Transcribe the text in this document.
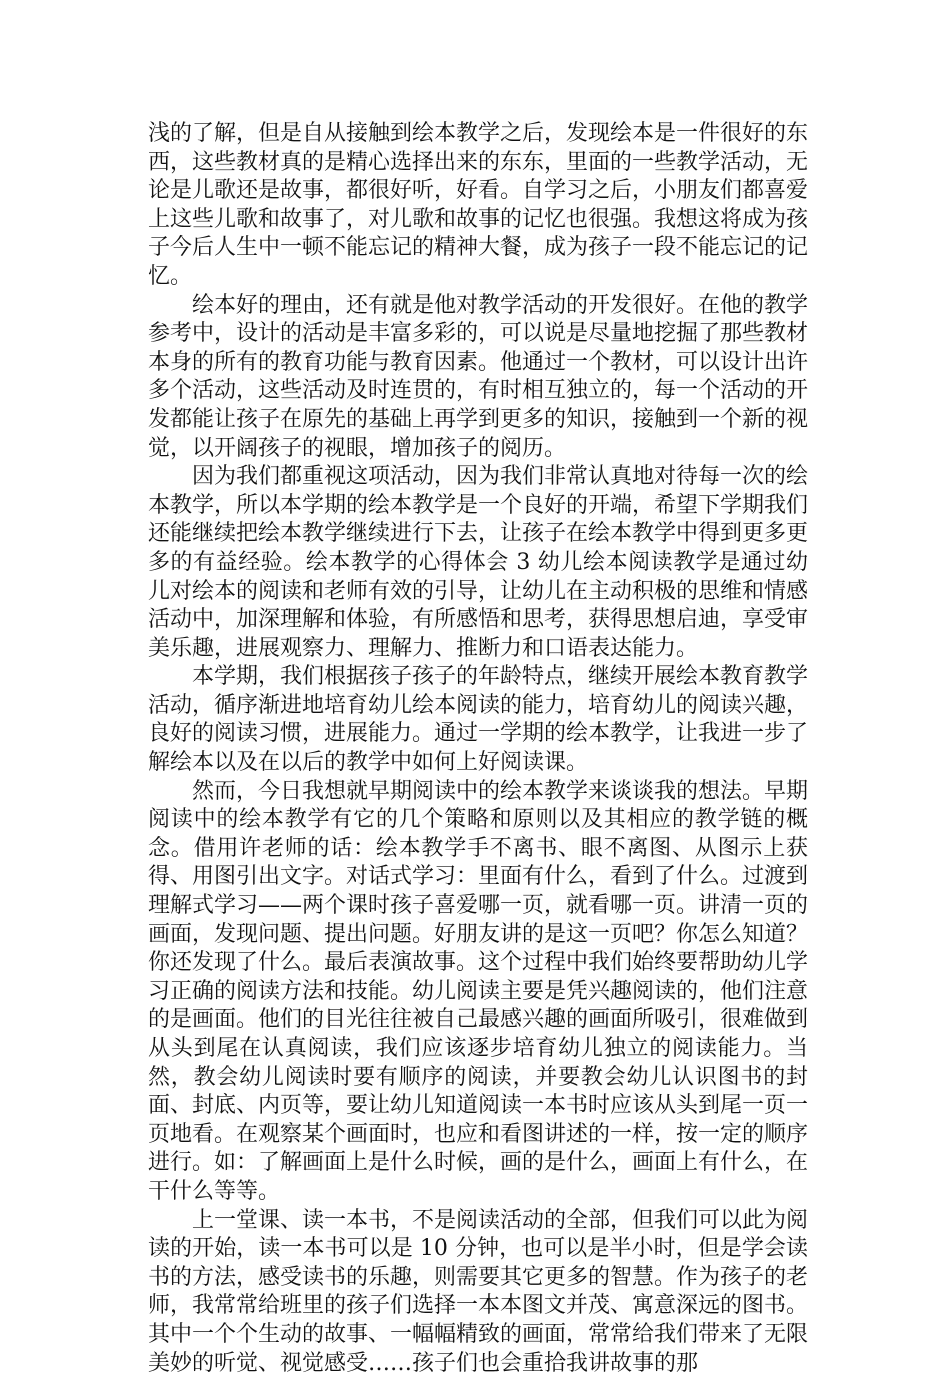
浅的了解，但是自从接触到绘本教学之后，发现绘本是一件很好的东西，这些教材真的是精心选择出来的东东，里面的一些教学活动，无论是儿歌还是故事，都很好听，好看。自学习之后，小朋友们都喜爱上这些儿歌和故事了，对儿歌和故事的记忆也很强。我想这将成为孩子今后人生中一顿不能忘记的精神大餐，成为孩子一段不能忘记的记忆。

绘本好的理由，还有就是他对教学活动的开发很好。在他的教学参考中，设计的活动是丰富多彩的，可以说是尽量地挖掘了那些教材本身的所有的教育功能与教育因素。他通过一个教材，可以设计出许多个活动，这些活动及时连贯的，有时相互独立的，每一个活动的开发都能让孩子在原先的基础上再学到更多的知识，接触到一个新的视觉，以开阔孩子的视眼，增加孩子的阅历。

因为我们都重视这项活动，因为我们非常认真地对待每一次的绘本教学，所以本学期的绘本教学是一个良好的开端，希望下学期我们还能继续把绘本教学继续进行下去，让孩子在绘本教学中得到更多更多的有益经验。绘本教学的心得体会 3 幼儿绘本阅读教学是通过幼儿对绘本的阅读和老师有效的引导，让幼儿在主动积极的思维和情感活动中，加深理解和体验，有所感悟和思考，获得思想启迪，享受审美乐趣，进展观察力、理解力、推断力和口语表达能力。

本学期，我们根据孩子孩子的年龄特点，继续开展绘本教育教学活动，循序渐进地培育幼儿绘本阅读的能力，培育幼儿的阅读兴趣，良好的阅读习惯，进展能力。通过一学期的绘本教学，让我进一步了解绘本以及在以后的教学中如何上好阅读课。

然而，今日我想就早期阅读中的绘本教学来谈谈我的想法。早期阅读中的绘本教学有它的几个策略和原则以及其相应的教学链的概念。借用许老师的话：绘本教学手不离书、眼不离图、从图示上获得、用图引出文字。对话式学习：里面有什么，看到了什么。过渡到理解式学习——两个课时孩子喜爱哪一页，就看哪一页。讲清一页的画面，发现问题、提出问题。好朋友讲的是这一页吧？你怎么知道？你还发现了什么。最后表演故事。这个过程中我们始终要帮助幼儿学习正确的阅读方法和技能。幼儿阅读主要是凭兴趣阅读的，他们注意的是画面。他们的目光往往被自己最感兴趣的画面所吸引，很难做到从头到尾在认真阅读，我们应该逐步培育幼儿独立的阅读能力。当然，教会幼儿阅读时要有顺序的阅读，并要教会幼儿认识图书的封面、封底、内页等，要让幼儿知道阅读一本书时应该从头到尾一页一页地看。在观察某个画面时，也应和看图讲述的一样，按一定的顺序进行。如：了解画面上是什么时候，画的是什么，画面上有什么，在干什么等等。

上一堂课、读一本书，不是阅读活动的全部，但我们可以此为阅读的开始，读一本书可以是 10 分钟，也可以是半小时，但是学会读书的方法，感受读书的乐趣，则需要其它更多的智慧。作为孩子的老师，我常常给班里的孩子们选择一本本图文并茂、寓意深远的图书。其中一个个生动的故事、一幅幅精致的画面，常常给我们带来了无限美妙的听觉、视觉感受……孩子们也会重拾我讲故事的那
